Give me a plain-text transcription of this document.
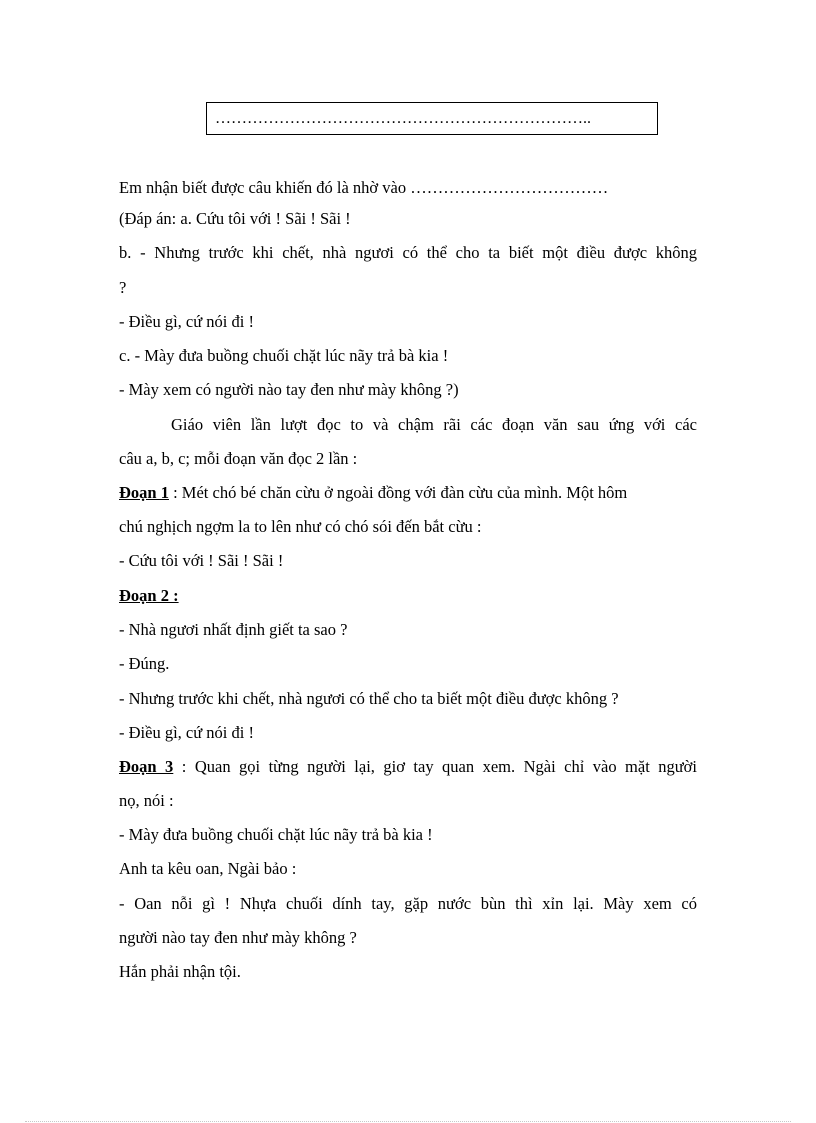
……………………………………………………………..
Em nhận biết được câu khiến đó là nhờ vào ………………………………
(Đáp án: a. Cứu tôi với ! Sãi ! Sãi !
b. - Nhưng trước khi chết, nhà ngươi có thể cho ta biết một điều được không
?
- Điều gì, cứ nói đi !
c. - Mày đưa buồng chuối chặt lúc nãy trả bà kia !
- Mày xem có người nào tay đen như mày không ?)
Giáo viên lần lượt đọc to và chậm rãi các đoạn văn sau ứng với các
câu a, b, c; mỗi đoạn văn đọc 2 lần :
Đoạn 1 : Mét chó bé chăn cừu ở ngoài đồng với đàn cừu của mình. Một hôm
chú nghịch ngợm la to lên như có chó sói đến bắt cừu :
- Cứu tôi với ! Sãi ! Sãi !
Đoạn 2 :
- Nhà ngươi nhất định giết ta sao ?
- Đúng.
- Nhưng trước khi chết, nhà ngươi có thể cho ta biết một điều được không ?
- Điều gì, cứ nói đi !
Đoạn 3 : Quan gọi từng người lại, giơ tay quan xem. Ngài chỉ vào mặt người
nọ, nói :
- Mày đưa buồng chuối chặt lúc nãy trả bà kia !
Anh ta kêu oan, Ngài bảo :
- Oan nỗi gì ! Nhựa chuối dính tay, gặp nước bùn thì xỉn lại. Mày xem có
người nào tay đen như mày không ?
Hắn phải nhận tội.
